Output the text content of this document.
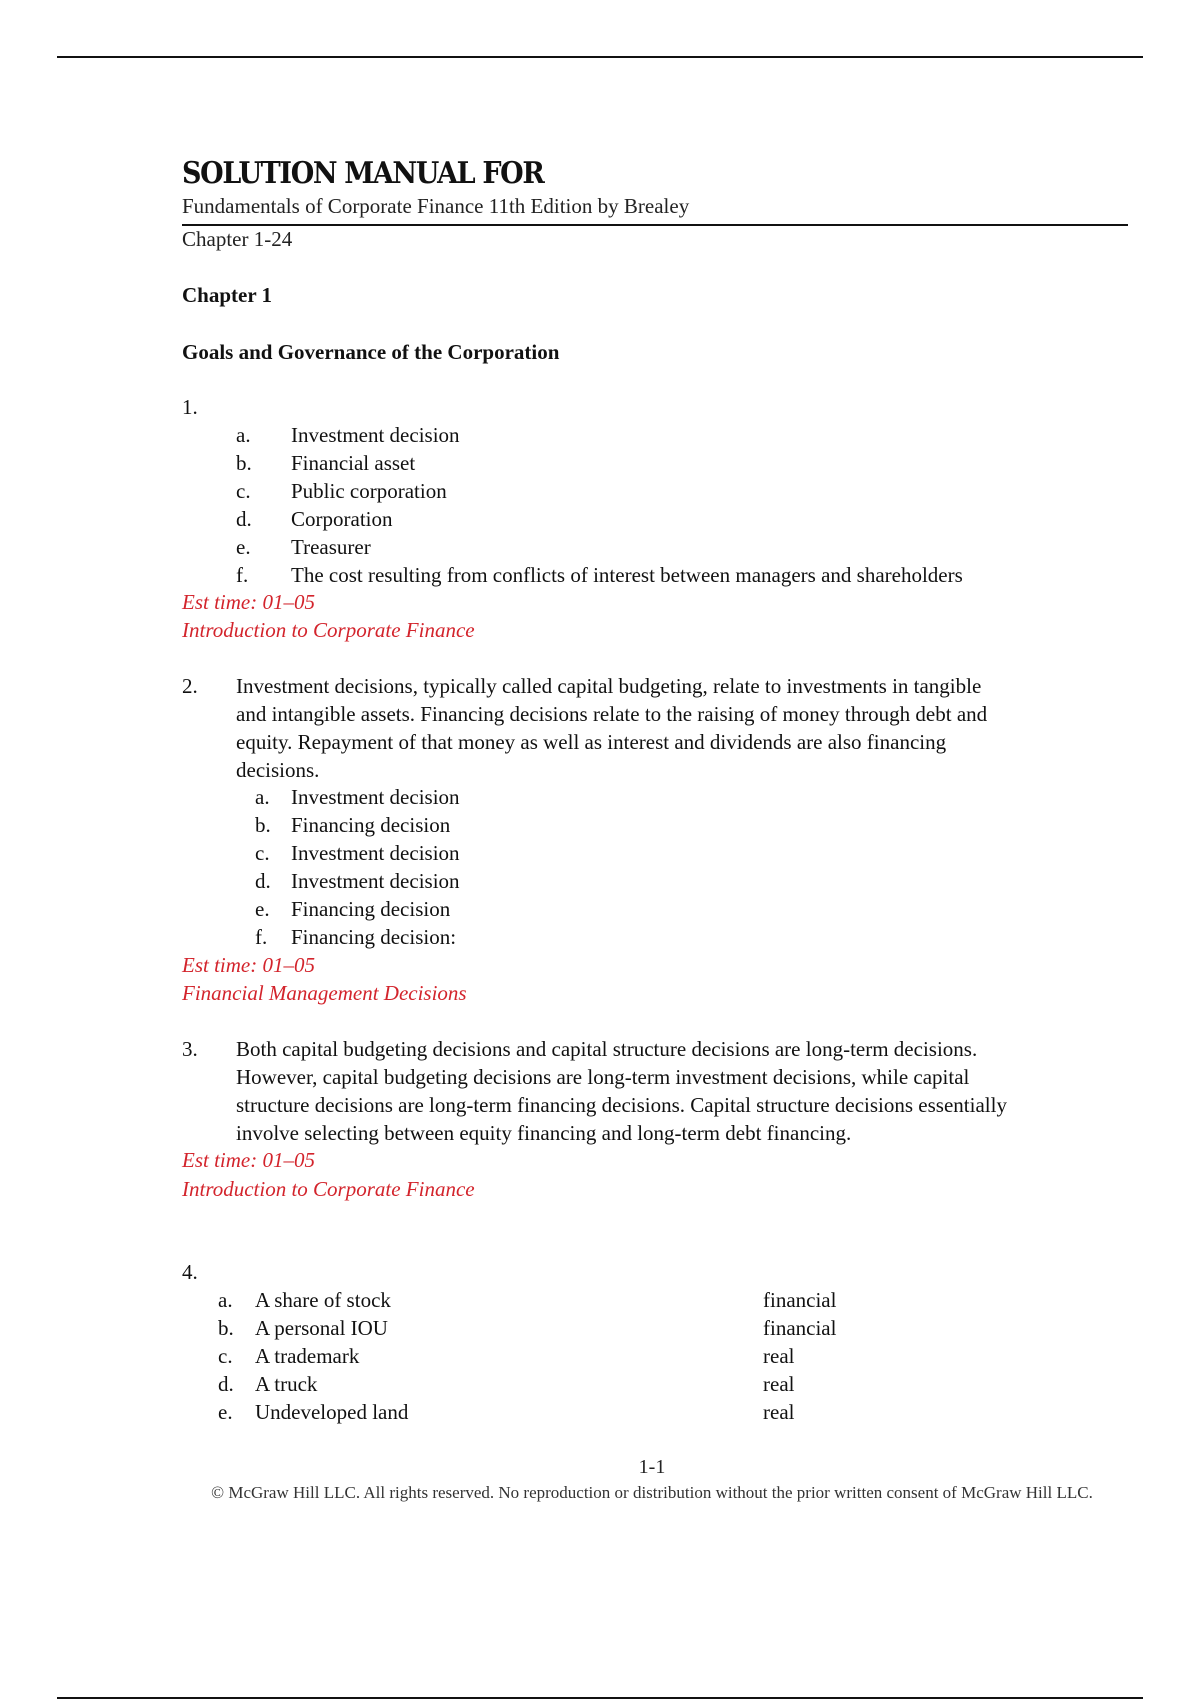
SOLUTION MANUAL FOR
Fundamentals of Corporate Finance 11th Edition by Brealey
Chapter 1-24
Chapter 1
Goals and Governance of the Corporation
1.
a. Investment decision
b. Financial asset
c. Public corporation
d. Corporation
e. Treasurer
f. The cost resulting from conflicts of interest between managers and shareholders
Est time: 01–05
Introduction to Corporate Finance
2. Investment decisions, typically called capital budgeting, relate to investments in tangible
and intangible assets. Financing decisions relate to the raising of money through debt and
equity. Repayment of that money as well as interest and dividends are also financing
decisions.
a. Investment decision
b. Financing decision
c. Investment decision
d. Investment decision
e. Financing decision
f. Financing decision:
Est time: 01–05
Financial Management Decisions
3. Both capital budgeting decisions and capital structure decisions are long-term decisions.
However, capital budgeting decisions are long-term investment decisions, while capital
structure decisions are long-term financing decisions. Capital structure decisions essentially
involve selecting between equity financing and long-term debt financing.
Est time: 01–05
Introduction to Corporate Finance
4.
a. A share of stock	financial
b. A personal IOU	financial
c. A trademark	real
d. A truck	real
e. Undeveloped land	real
1-1
© McGraw Hill LLC. All rights reserved. No reproduction or distribution without the prior written consent of McGraw Hill LLC.
